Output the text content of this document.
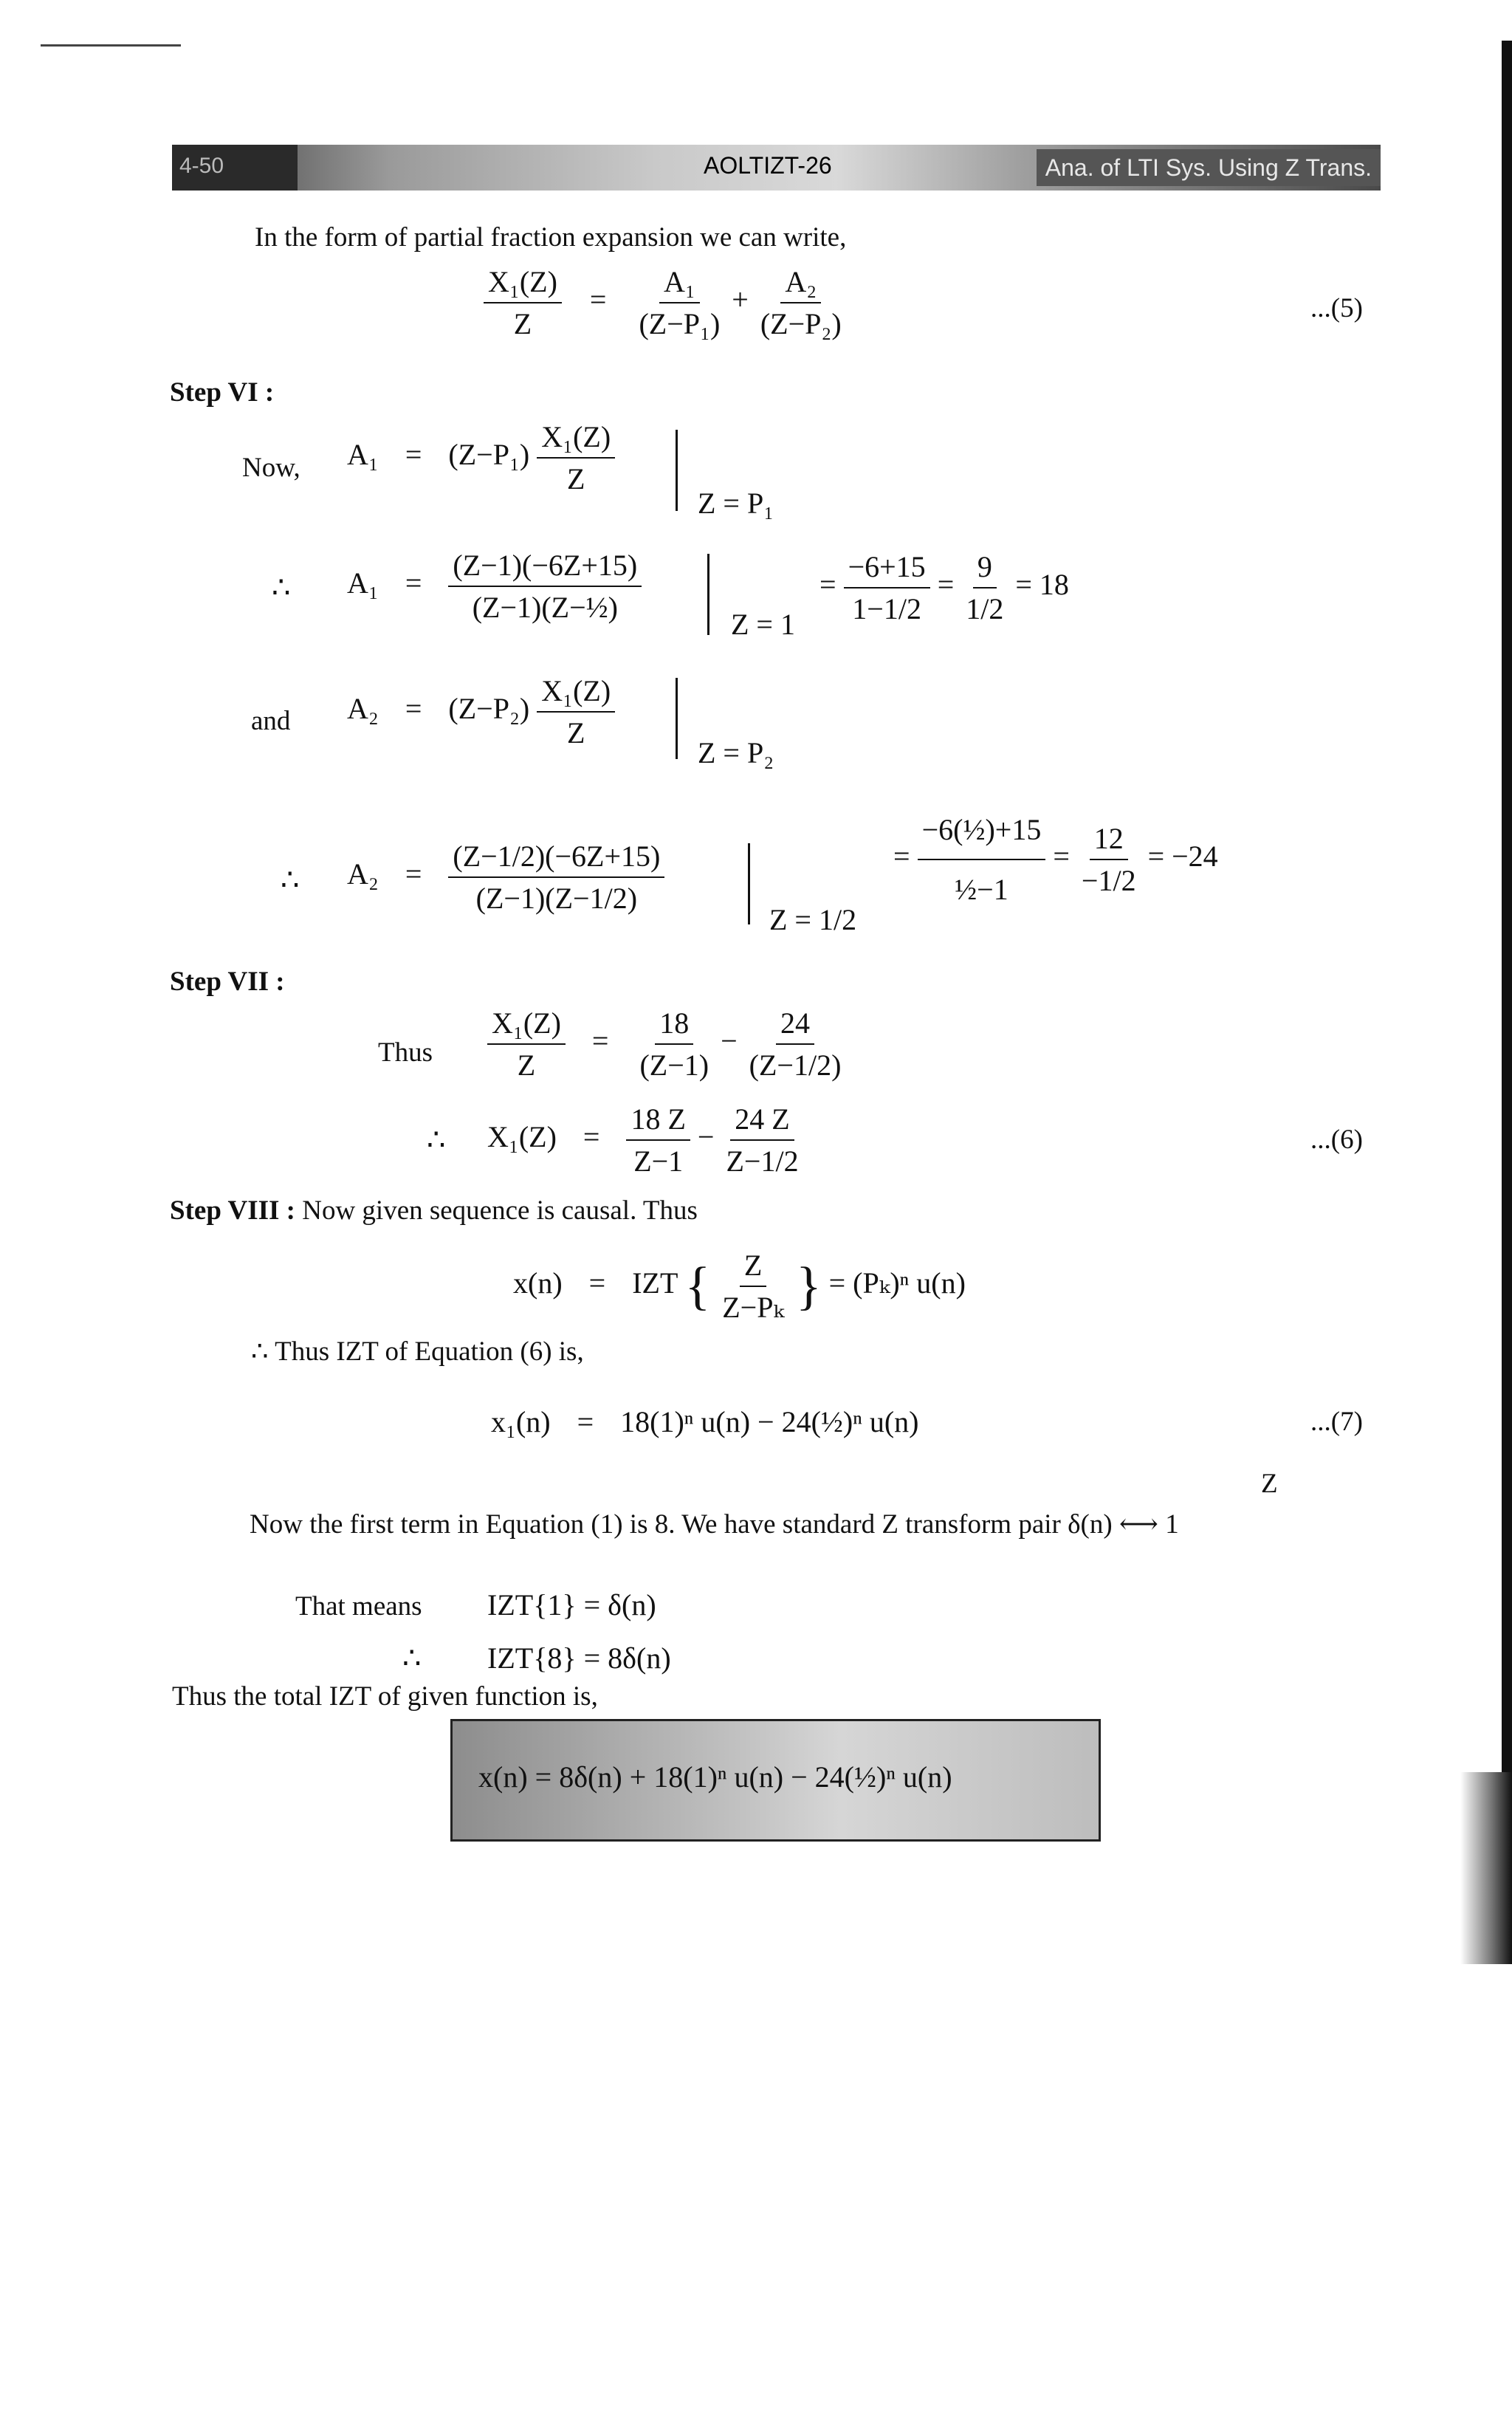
4-50	AOLTIZT-26	Ana. of LTI Sys. Using Z Trans.
In the form of partial fraction expansion we can write,
$\frac{\text{X₁(Z)}}{Z} = \frac{\text{A₁}}{\text{(Z−P₁)}} + \frac{\text{A₂}}{\text{(Z−P₂)}}$	...(5)
Step VI :
Now, $A_1 = (Z-P_1) \frac{\text{X₁(Z)}}{Z}$
Z = P₁
∴ $A_1 = \frac{(Z-1)(-6Z+15)}{\text{(Z−1)(Z−½)}}$	Z = 1
= $\frac{-6+15}{1-1/2} = \frac{9}{1/2} = 18$
and $A_2 = (Z-P_2) \frac{\text{X₁(Z)}}{Z}$
Z = P₂
∴ $A_2 = \frac{(Z-1/2)(-6Z+15)}{(Z-1)(Z-1/2)}$
Z = 1/2
= $\frac{\text{−6(½)+15}}{\text{½−1}} = \frac{12}{-1/2} = -24$
Step VII :
Thus $\frac{\text{X₁(Z)}}{Z} = \frac{18}{(Z-1)} - \frac{24}{(Z-1/2)}$
∴ $X_1(Z) = \frac{18 Z}{Z-1} - \frac{24 Z}{Z-1/2}$	...(6)
Step VIII : Now given sequence is causal. Thus
x(n) = IZT { $\frac{Z}{\text{Z−Pₖ}}$ } = (Pₖ)ⁿ u(n)
∴ Thus IZT of Equation (6) is,
x₁(n) = 18(1)ⁿ u(n) − 24(½)ⁿ u(n)	...(7)
Z
Now the first term in Equation (1) is 8. We have standard Z transform pair δ(n) ⟷ 1
That means IZT{1} = δ(n)
∴ IZT{8} = 8δ(n)
Thus the total IZT of given function is,
x(n) = 8δ(n) + 18(1)ⁿ u(n) − 24(½)ⁿ u(n)
